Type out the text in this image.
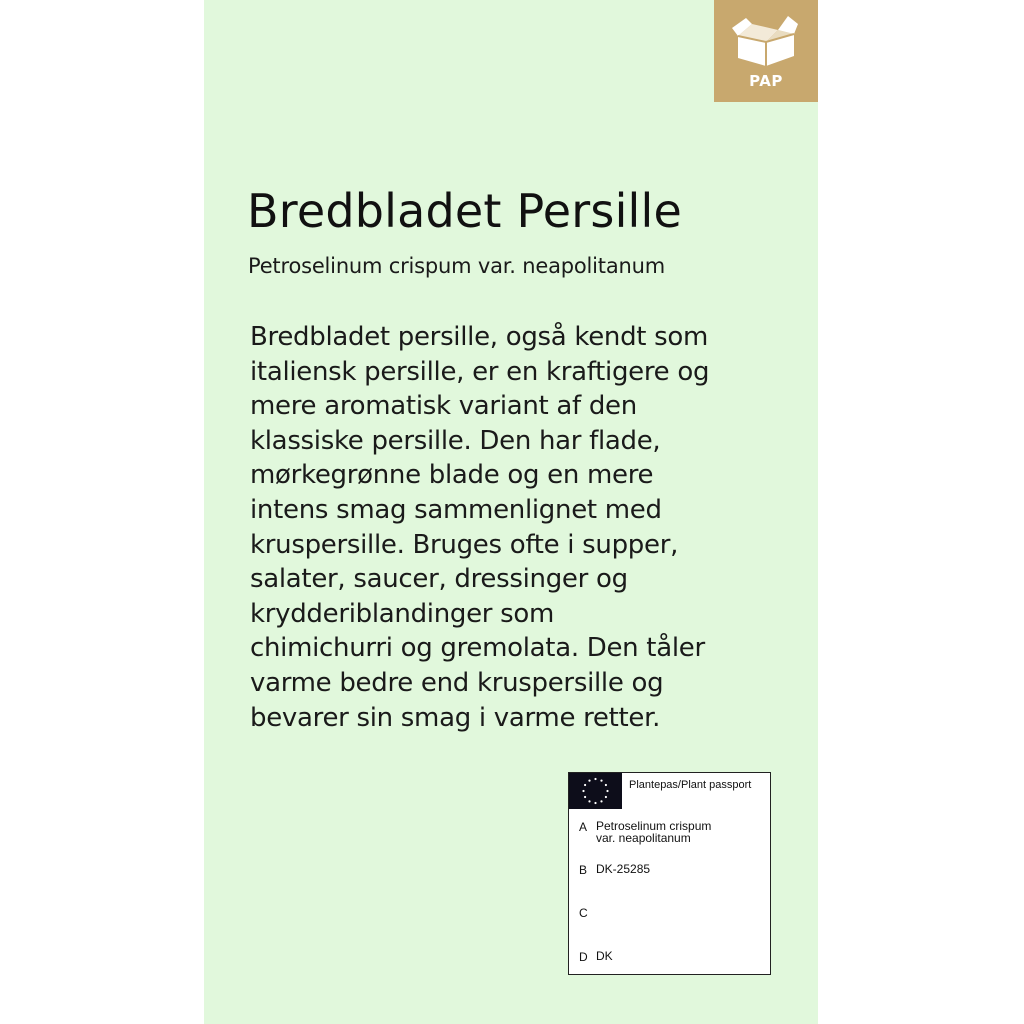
PAP
Bredbladet Persille
Petroselinum crispum var. neapolitanum
Bredbladet persille, også kendt som
italiensk persille, er en kraftigere og
mere aromatisk variant af den
klassiske persille. Den har flade,
mørkegrønne blade og en mere
intens smag sammenlignet med
kruspersille. Bruges ofte i supper,
salater, saucer, dressinger og
krydderiblandinger som
chimichurri og gremolata. Den tåler
varme bedre end kruspersille og
bevarer sin smag i varme retter.
Plantepas/Plant passport
A Petroselinum crispum
var. neapolitanum
B DK-25285
C
D DK
